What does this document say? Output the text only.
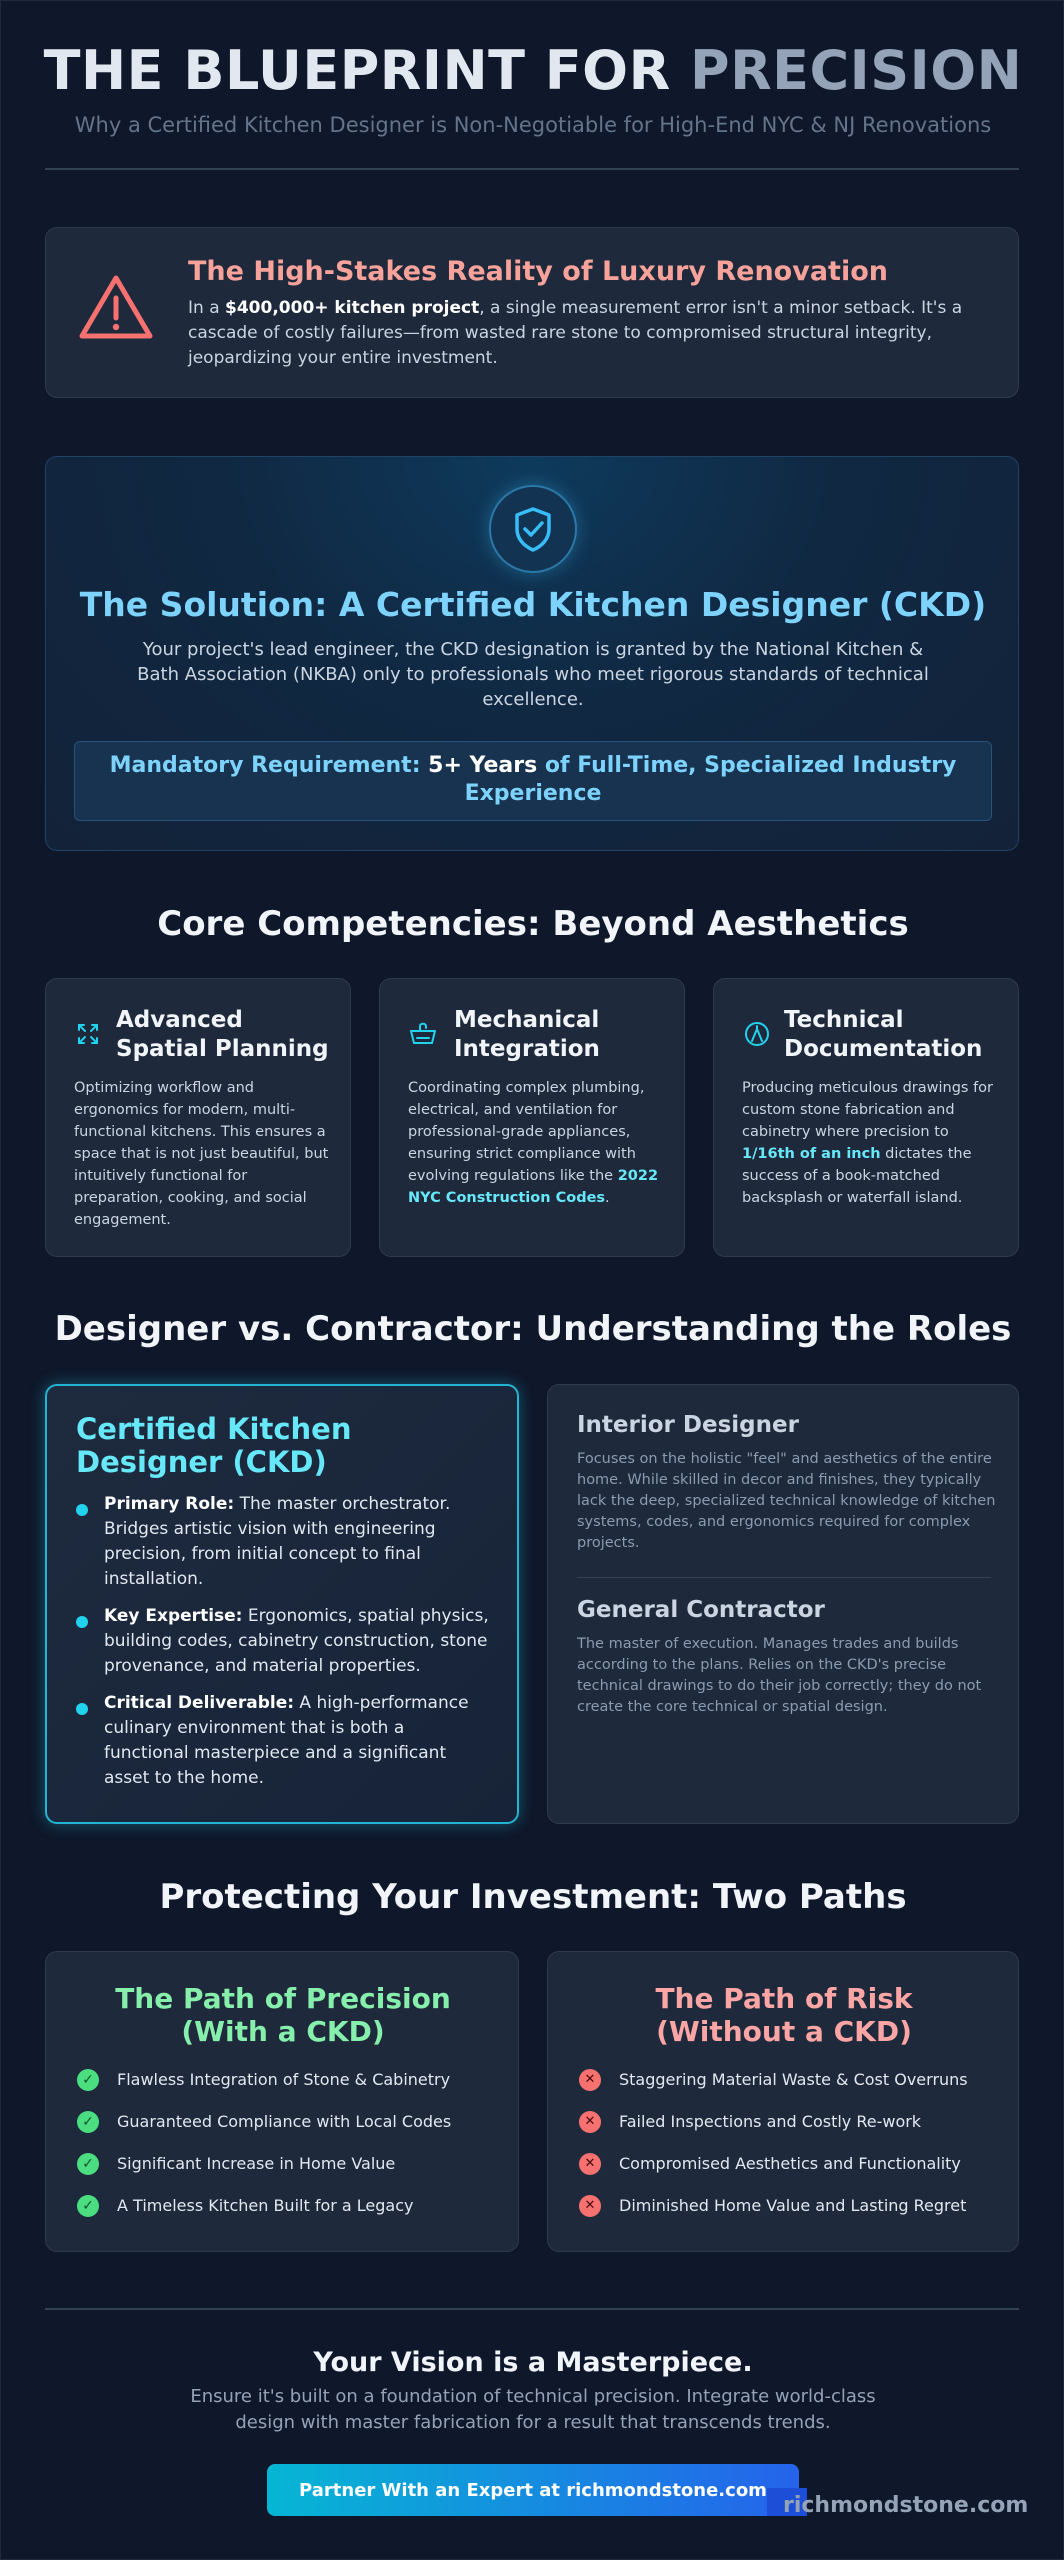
THE BLUEPRINT FOR PRECISION
Why a Certified Kitchen Designer is Non-Negotiable for High-End NYC & NJ Renovations
The High-Stakes Reality of Luxury Renovation
In a $400,000+ kitchen project, a single measurement error isn't a minor setback. It's a cascade of costly failures—from wasted rare stone to compromised structural integrity, jeopardizing your entire investment.
The Solution: A Certified Kitchen Designer (CKD)
Your project's lead engineer, the CKD designation is granted by the National Kitchen & Bath Association (NKBA) only to professionals who meet rigorous standards of technical excellence.
Mandatory Requirement: 5+ Years of Full-Time, Specialized Industry Experience
Core Competencies: Beyond Aesthetics
Advanced Spatial Planning
Optimizing workflow and ergonomics for modern, multi-functional kitchens. This ensures a space that is not just beautiful, but intuitively functional for preparation, cooking, and social engagement.
Mechanical Integration
Coordinating complex plumbing, electrical, and ventilation for professional-grade appliances, ensuring strict compliance with evolving regulations like the 2022 NYC Construction Codes.
Technical Documentation
Producing meticulous drawings for custom stone fabrication and cabinetry where precision to 1/16th of an inch dictates the success of a book-matched backsplash or waterfall island.
Designer vs. Contractor: Understanding the Roles
Certified Kitchen Designer (CKD)
Primary Role: The master orchestrator. Bridges artistic vision with engineering precision, from initial concept to final installation.
Key Expertise: Ergonomics, spatial physics, building codes, cabinetry construction, stone provenance, and material properties.
Critical Deliverable: A high-performance culinary environment that is both a functional masterpiece and a significant asset to the home.
Interior Designer
Focuses on the holistic "feel" and aesthetics of the entire home. While skilled in decor and finishes, they typically lack the deep, specialized technical knowledge of kitchen systems, codes, and ergonomics required for complex projects.
General Contractor
The master of execution. Manages trades and builds according to the plans. Relies on the CKD's precise technical drawings to do their job correctly; they do not create the core technical or spatial design.
Protecting Your Investment: Two Paths
The Path of Precision
(With a CKD)
✓	Flawless Integration of Stone & Cabinetry
✓	Guaranteed Compliance with Local Codes
✓	Significant Increase in Home Value
✓	A Timeless Kitchen Built for a Legacy
The Path of Risk
(Without a CKD)
✕	Staggering Material Waste & Cost Overruns
✕	Failed Inspections and Costly Re-work
✕	Compromised Aesthetics and Functionality
✕	Diminished Home Value and Lasting Regret
Your Vision is a Masterpiece.
Ensure it's built on a foundation of technical precision. Integrate world-class design with master fabrication for a result that transcends trends.
Partner With an Expert at richmondstone.com
richmondstone.com
